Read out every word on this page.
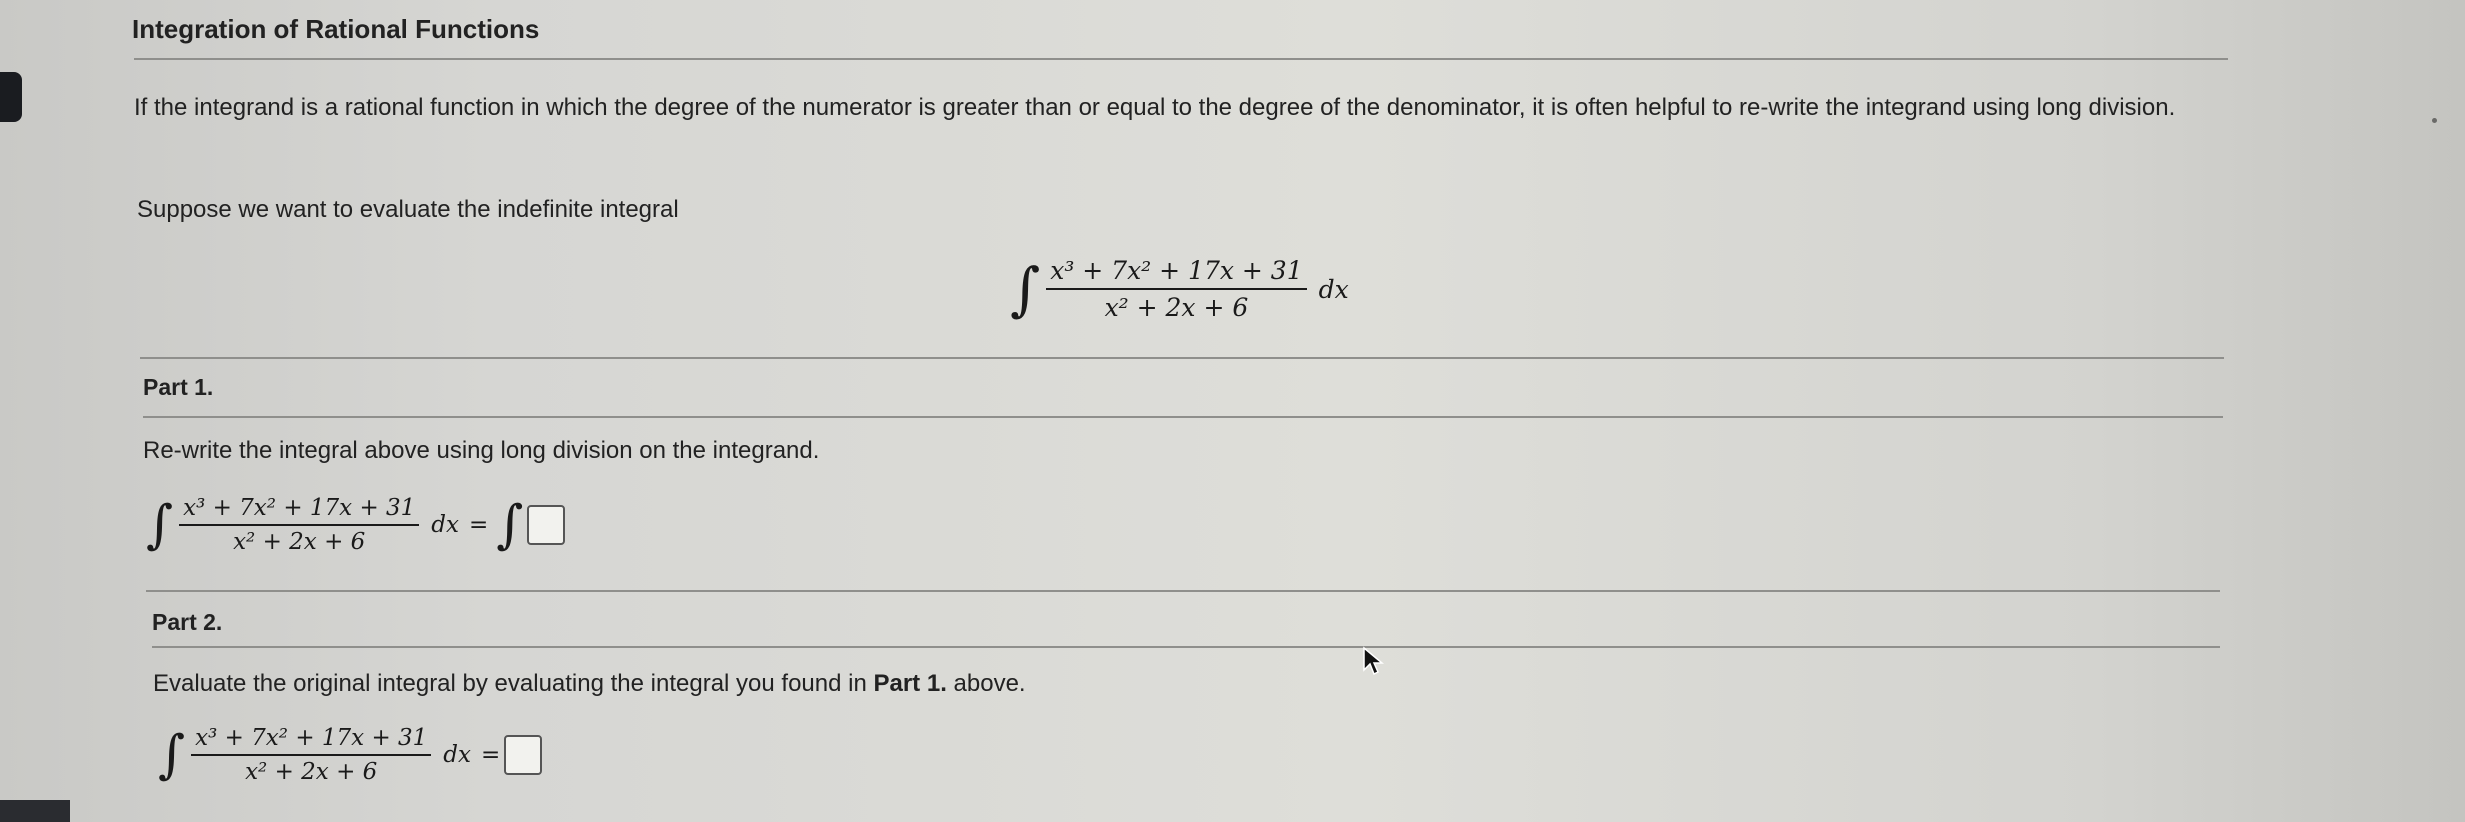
Integration of Rational Functions
If the integrand is a rational function in which the degree of the numerator is greater than or equal to the degree of the denominator, it is often helpful to re-write the integrand using long division.
Suppose we want to evaluate the indefinite integral
∫ $\frac{\text{x³ + 7x² + 17x + 31}}{\text{x² + 2x + 6}}$ dx
Part 1.
Re-write the integral above using long division on the integrand.
∫ $\frac{\text{x³ + 7x² + 17x + 31}}{\text{x² + 2x + 6}}$ dx = ∫
Part 2.
Evaluate the original integral by evaluating the integral you found in Part 1. above.
∫ $\frac{\text{x³ + 7x² + 17x + 31}}{\text{x² + 2x + 6}}$ dx =
